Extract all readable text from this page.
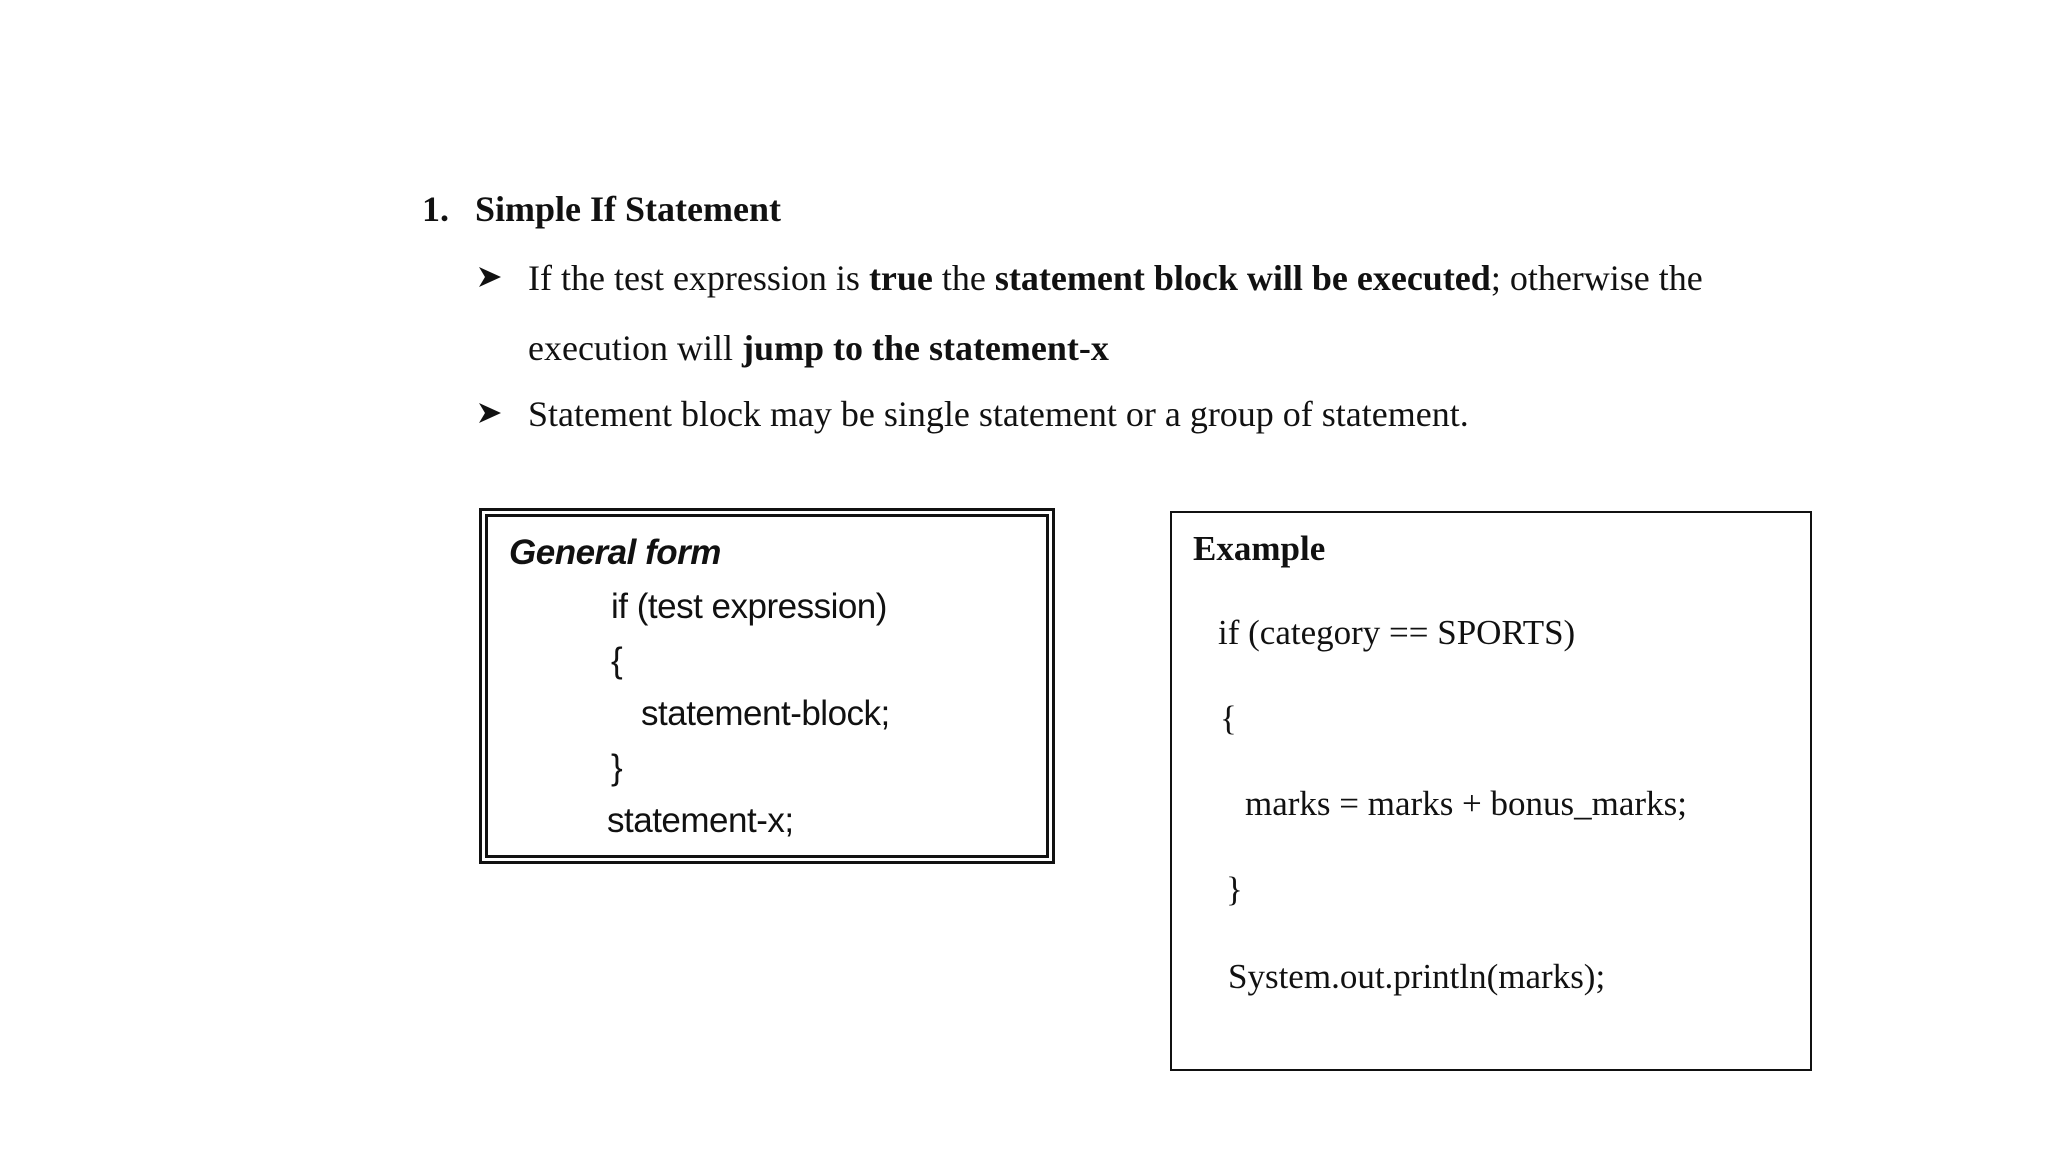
1. Simple If Statement
If the test expression is true the statement block will be executed; otherwise the
execution will jump to the statement-x
Statement block may be single statement or a group of statement.
General form
if (test expression)
{
statement-block;
}
statement-x;
Example
if (category == SPORTS)
{
marks = marks + bonus_marks;
}
System.out.println(marks);
